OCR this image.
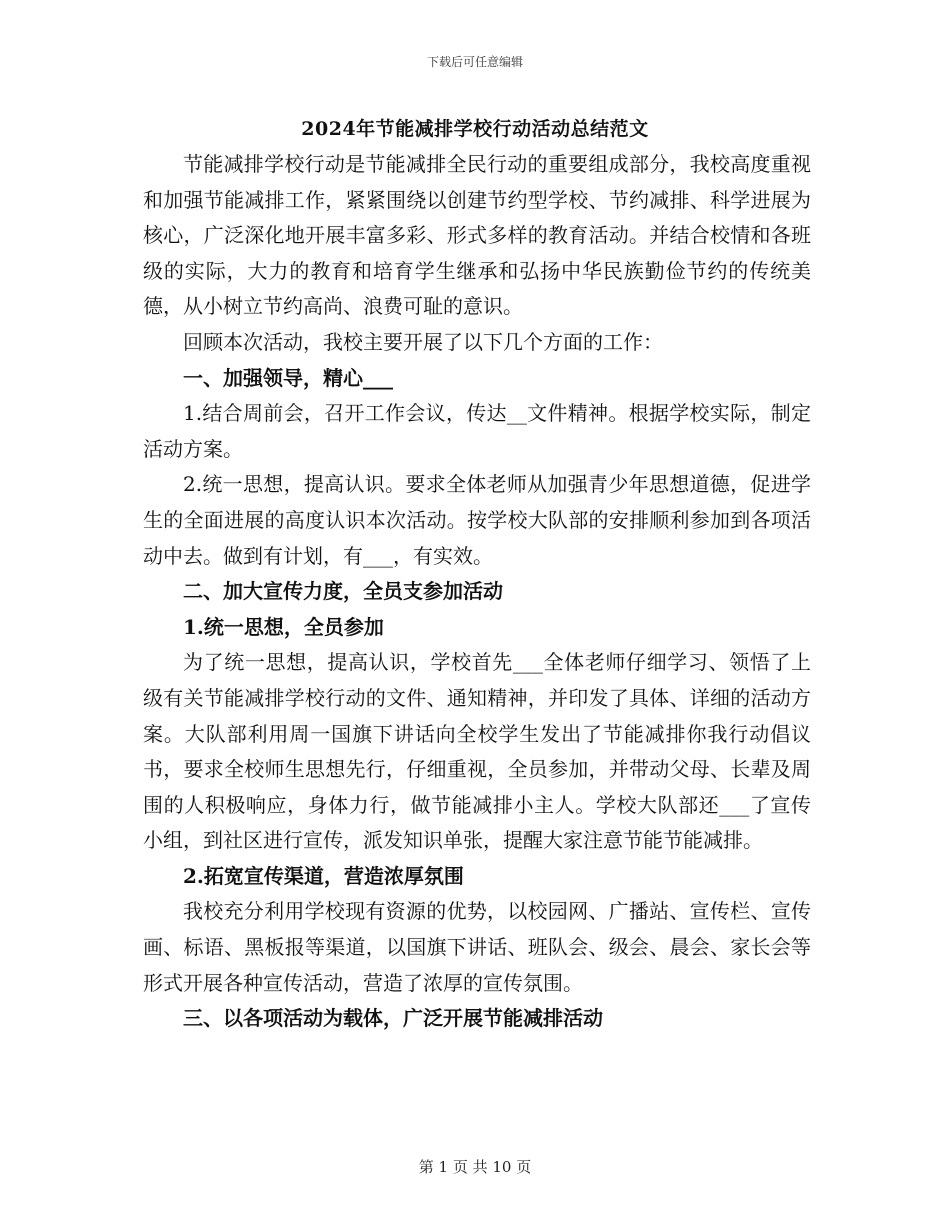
下载后可任意编辑
2024年节能减排学校行动活动总结范文

节能减排学校行动是节能减排全民行动的重要组成部分，我校高度重视和加强节能减排工作，紧紧围绕以创建节约型学校、节约减排、科学进展为核心，广泛深化地开展丰富多彩、形式多样的教育活动。并结合校情和各班级的实际，大力的教育和培育学生继承和弘扬中华民族勤俭节约的传统美德，从小树立节约高尚、浪费可耻的意识。

回顾本次活动，我校主要开展了以下几个方面的工作：

一、加强领导，精心___

1.结合周前会，召开工作会议，传达__文件精神。根据学校实际，制定活动方案。

2.统一思想，提高认识。要求全体老师从加强青少年思想道德，促进学生的全面进展的高度认识本次活动。按学校大队部的安排顺利参加到各项活动中去。做到有计划，有___，有实效。

二、加大宣传力度，全员支参加活动

1.统一思想，全员参加

为了统一思想，提高认识，学校首先___全体老师仔细学习、领悟了上级有关节能减排学校行动的文件、通知精神，并印发了具体、详细的活动方案。大队部利用周一国旗下讲话向全校学生发出了节能减排你我行动倡议书，要求全校师生思想先行，仔细重视，全员参加，并带动父母、长辈及周围的人积极响应，身体力行，做节能减排小主人。学校大队部还___了宣传小组，到社区进行宣传，派发知识单张，提醒大家注意节能节能减排。

2.拓宽宣传渠道，营造浓厚氛围

我校充分利用学校现有资源的优势，以校园网、广播站、宣传栏、宣传画、标语、黑板报等渠道，以国旗下讲话、班队会、级会、晨会、家长会等形式开展各种宣传活动，营造了浓厚的宣传氛围。

三、以各项活动为载体，广泛开展节能减排活动

第 1 页 共 10 页
